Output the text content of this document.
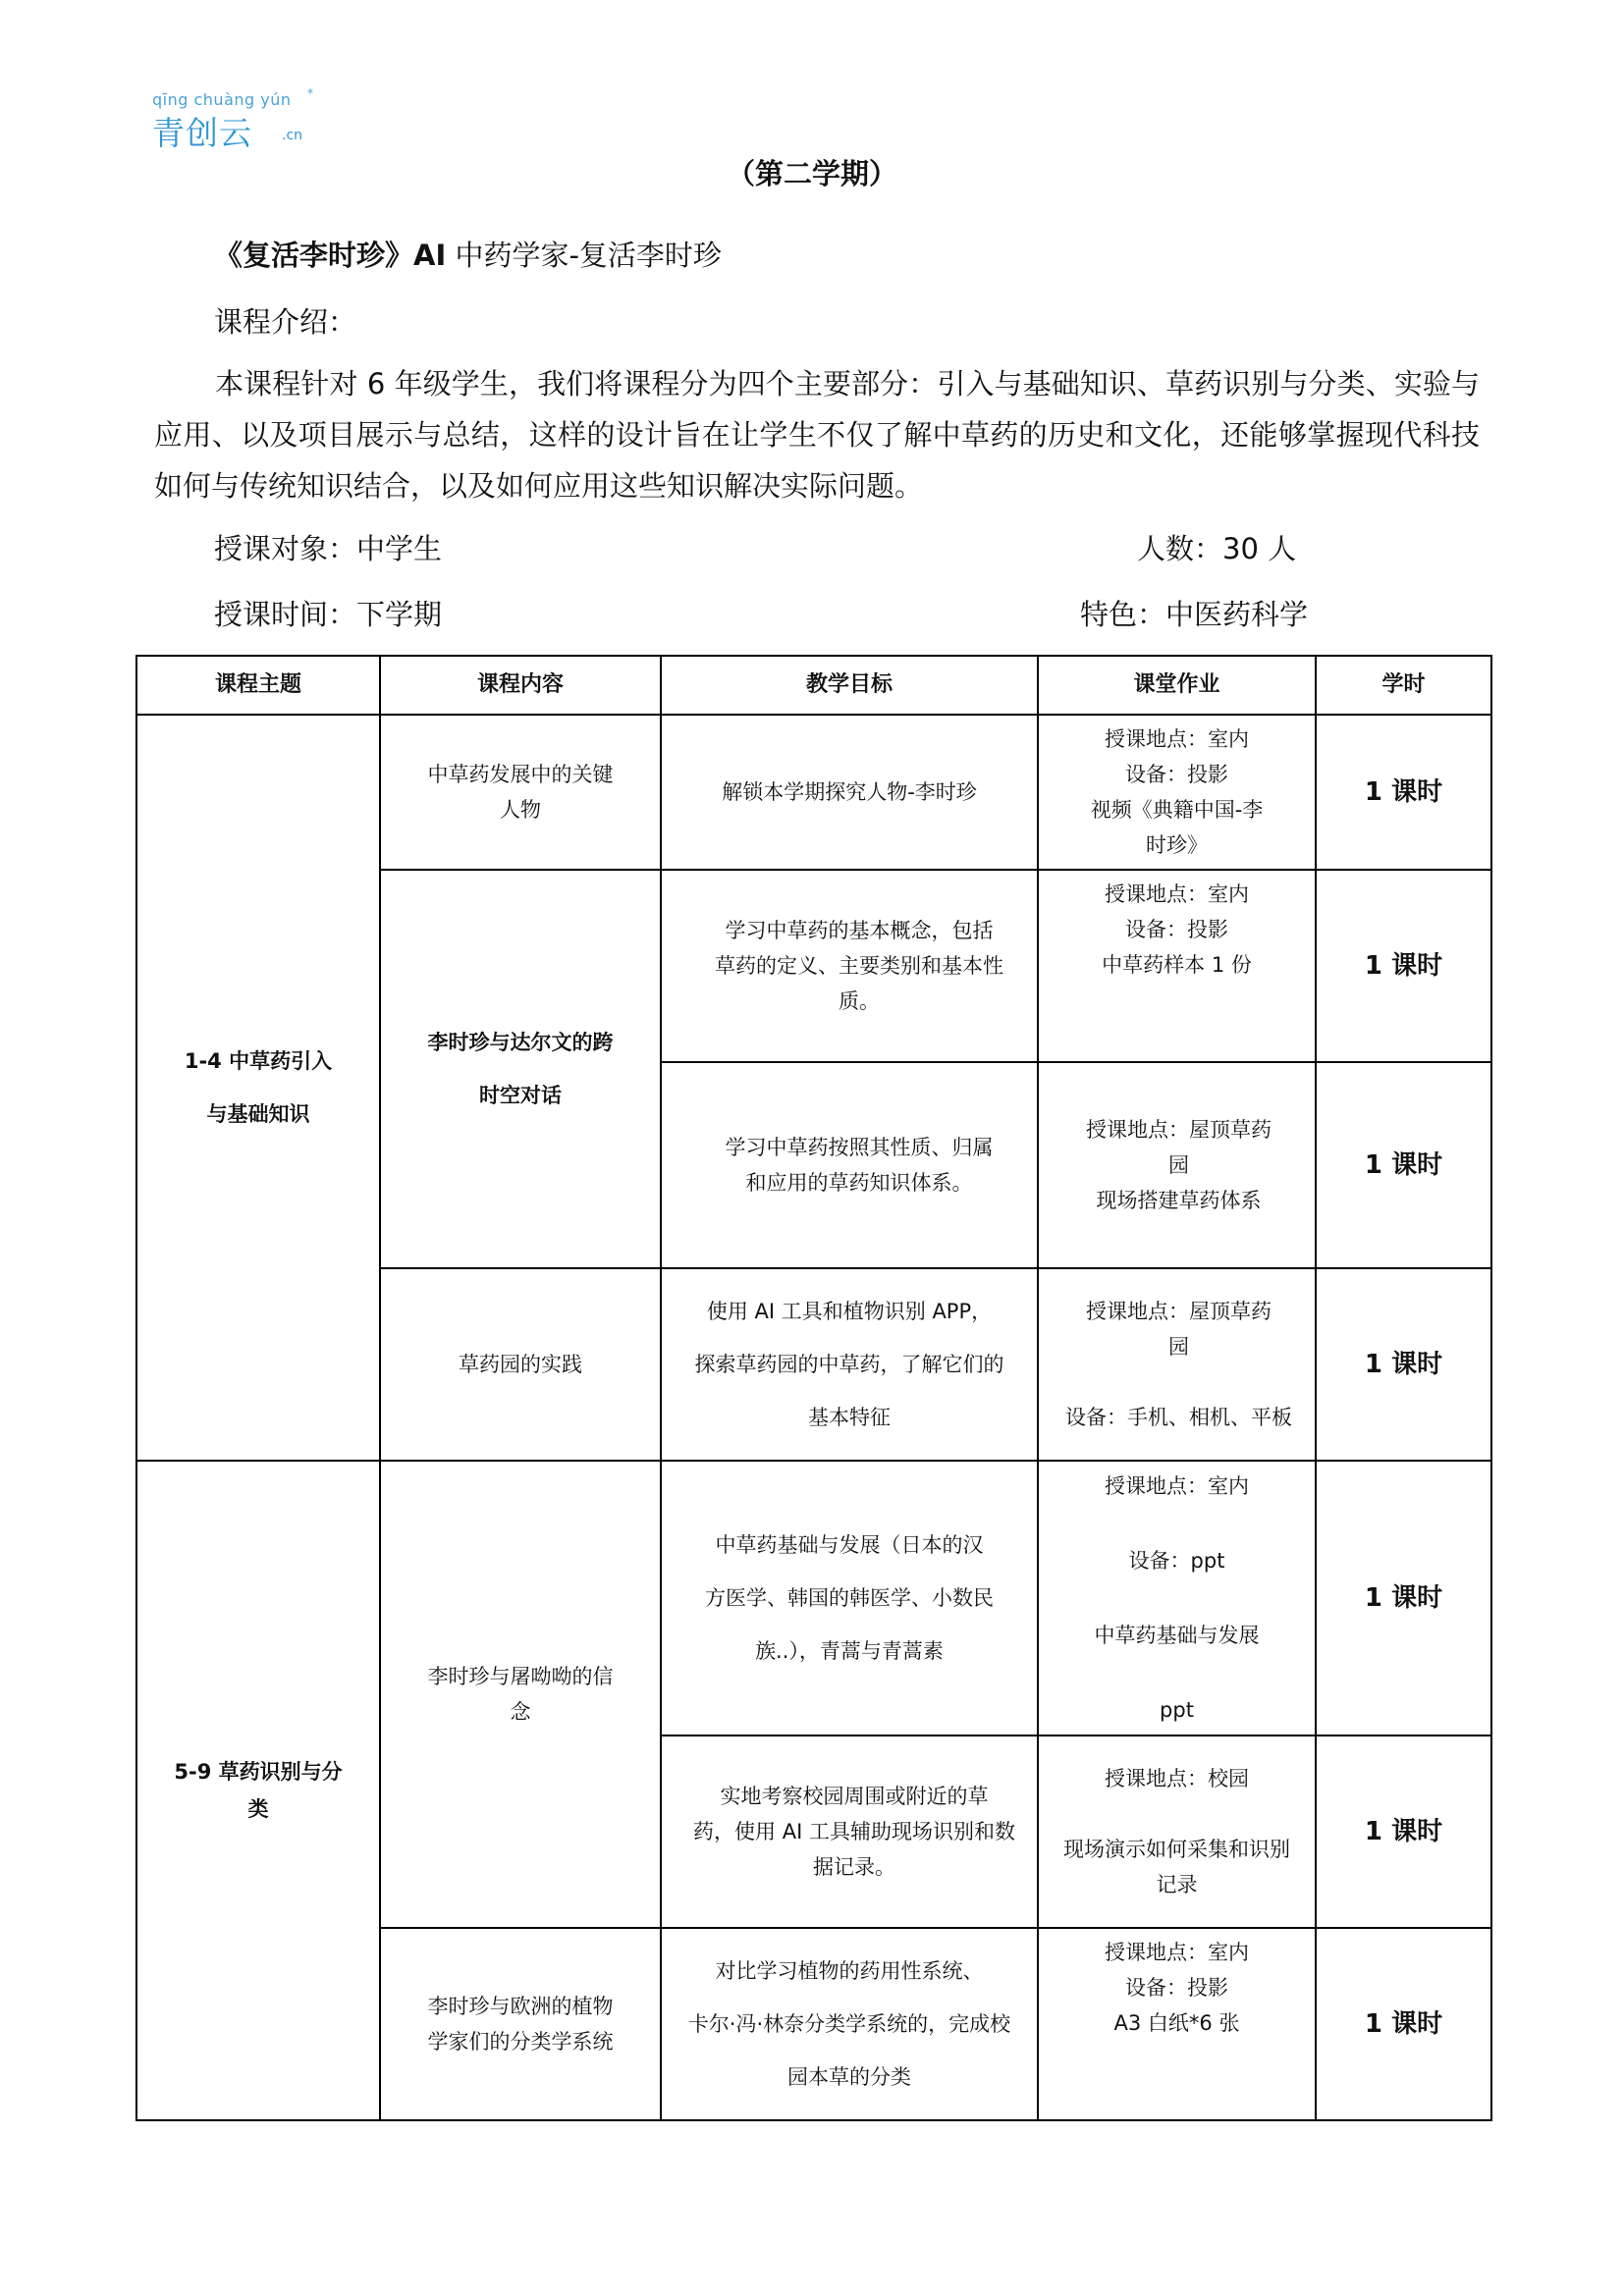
qīng chuàng yún *
青创云 .cn
（第二学期）
《复活李时珍》AI 中药学家-复活李时珍
课程介绍：
本课程针对 6 年级学生，我们将课程分为四个主要部分：引入与基础知识、草药识别与分类、实验与应用、以及项目展示与总结，这样的设计旨在让学生不仅了解中草药的历史和文化，还能够掌握现代科技如何与传统知识结合，以及如何应用这些知识解决实际问题。
授课对象：中学生	人数：30 人
授课时间：下学期	特色：中医药科学
课程主题	课程内容	教学目标	课堂作业	学时
1-4 中草药引入
与基础知识	中草药发展中的关键
人物	解锁本学期探究人物-李时珍	授课地点：室内
设备：投影
视频《典籍中国-李
时珍》	1 课时
	李时珍与达尔文的跨
时空对话	学习中草药的基本概念，包括
草药的定义、主要类别和基本性
质。	授课地点：室内
设备：投影
中草药样本 1 份	1 课时
		学习中草药按照其性质、归属
和应用的草药知识体系。	授课地点：屋顶草药
园
现场搭建草药体系	1 课时
	草药园的实践	使用 AI 工具和植物识别 APP，
探索草药园的中草药，了解它们的
基本特征	授课地点：屋顶草药
园

设备：手机、相机、平板	1 课时
5-9 草药识别与分
类	李时珍与屠呦呦的信
念	中草药基础与发展（日本的汉
方医学、韩国的韩医学、小数民
族..），青蒿与青蒿素	授课地点：室内

设备：ppt

中草药基础与发展

ppt	1 课时
		实地考察校园周围或附近的草
药，使用 AI 工具辅助现场识别和数
据记录。	授课地点：校园

现场演示如何采集和识别
记录	1 课时
	李时珍与欧洲的植物
学家们的分类学系统	对比学习植物的药用性系统、
卡尔·冯·林奈分类学系统的，完成校
园本草的分类	授课地点：室内
设备：投影
A3 白纸*6 张	1 课时
